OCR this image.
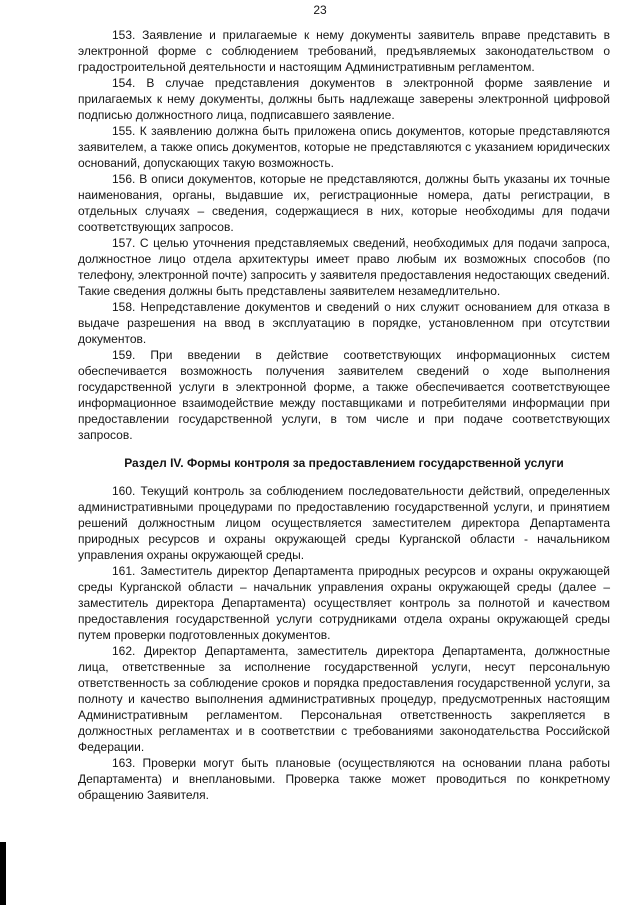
23

153. Заявление и прилагаемые к нему документы заявитель вправе представить в электронной форме с соблюдением требований, предъявляемых законодательством о градостроительной деятельности и настоящим Административным регламентом.

154. В случае представления документов в электронной форме заявление и прилагаемых к нему документы, должны быть надлежаще заверены электронной цифровой подписью должностного лица, подписавшего заявление.

155. К заявлению должна быть приложена опись документов, которые представляются заявителем, а также опись документов, которые не представляются с указанием юридических оснований, допускающих такую возможность.

156. В описи документов, которые не представляются, должны быть указаны их точные наименования, органы, выдавшие их, регистрационные номера, даты регистрации, в отдельных случаях – сведения, содержащиеся в них, которые необходимы для подачи соответствующих запросов.

157. С целью уточнения представляемых сведений, необходимых для подачи запроса, должностное лицо отдела архитектуры имеет право любым их возможных способов (по телефону, электронной почте) запросить у заявителя предоставления недостающих сведений. Такие сведения должны быть представлены заявителем незамедлительно.

158. Непредставление документов и сведений о них служит основанием для отказа в выдаче разрешения на ввод в эксплуатацию в порядке, установленном при отсутствии документов.

159. При введении в действие соответствующих информационных систем обеспечивается возможность получения заявителем сведений о ходе выполнения государственной услуги в электронной форме, а также обеспечивается соответствующее информационное взаимодействие между поставщиками и потребителями информации при предоставлении государственной услуги, в том числе и при подаче соответствующих запросов.

Раздел IV. Формы контроля за предоставлением государственной услуги

160. Текущий контроль за соблюдением последовательности действий, определенных административными процедурами по предоставлению государственной услуги, и принятием решений должностным лицом осуществляется заместителем директора Департамента природных ресурсов и охраны окружающей среды Курганской области - начальником управления охраны окружающей среды.

161. Заместитель директор Департамента природных ресурсов и охраны окружающей среды Курганской области – начальник управления охраны окружающей среды (далее – заместитель директора Департамента) осуществляет контроль за полнотой и качеством предоставления государственной услуги сотрудниками отдела охраны окружающей среды путем проверки подготовленных документов.

162. Директор Департамента, заместитель директора Департамента, должностные лица, ответственные за исполнение государственной услуги, несут персональную ответственность за соблюдение сроков и порядка предоставления государственной услуги, за полноту и качество выполнения административных процедур, предусмотренных настоящим Административным регламентом. Персональная ответственность закрепляется в должностных регламентах и в соответствии с требованиями законодательства Российской Федерации.

163. Проверки могут быть плановые (осуществляются на основании плана работы Департамента) и внеплановыми. Проверка также может проводиться по конкретному обращению Заявителя.
